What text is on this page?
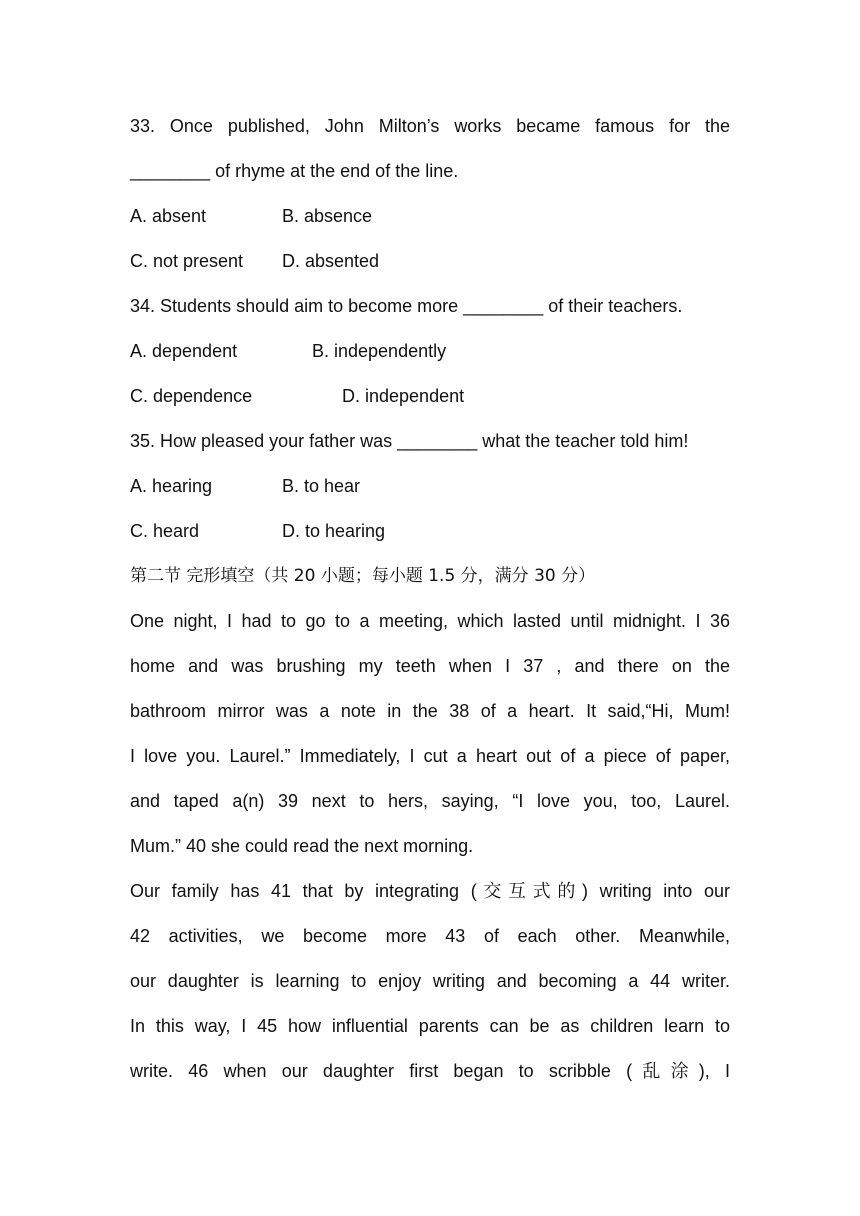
33. Once published, John Milton’s works became famous for the
________ of rhyme at the end of the line.
A. absent	B. absence
C. not present	D. absented
34. Students should aim to become more ________ of their teachers.
A. dependent	B. independently
C. dependence	D. independent
35. How pleased your father was ________ what the teacher told him!
A. hearing	B. to hear
C. heard	D. to hearing
第二节 完形填空（共 20 小题；每小题 1.5 分，满分 30 分）
One night, I had to go to a meeting, which lasted until midnight. I 36
home and was brushing my teeth when I 37 , and there on the
bathroom mirror was a note in the 38 of a heart. It said,“Hi, Mum!
I love you. Laurel.” Immediately, I cut a heart out of a piece of paper,
and taped a(n) 39 next to hers, saying, “I love you, too, Laurel.
Mum.” 40 she could read the next morning.
Our family has 41 that by integrating (交互式的) writing into our
42 activities, we become more 43 of each other. Meanwhile,
our daughter is learning to enjoy writing and becoming a 44 writer.
In this way, I 45 how influential parents can be as children learn to
write. 46 when our daughter first began to scribble (乱涂), I
